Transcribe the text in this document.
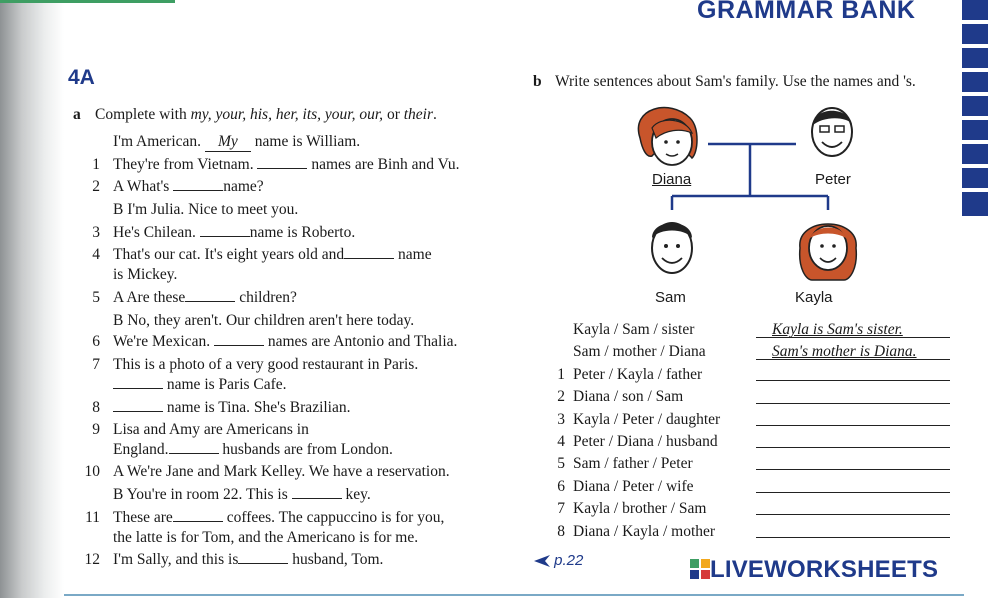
GRAMMAR BANK
4A
a Complete with my, your, his, her, its, your, our, or their.
I'm American. My name is William.
1 They're from Vietnam.	names are Binh and Vu.
2 A What's	name?
B I'm Julia. Nice to meet you.
3 He's Chilean.	name is Roberto.
4 That's our cat. It's eight years old and	name
is Mickey.
5 A Are these	children?
B No, they aren't. Our children aren't here today.
6 We're Mexican.	names are Antonio and Thalia.
7 This is a photo of a very good restaurant in Paris.
name is Paris Cafe.
8	name is Tina. She's Brazilian.
9 Lisa and Amy are Americans in
England.	husbands are from London.
10 A We're Jane and Mark Kelley. We have a reservation.
B You're in room 22. This is	key.
11 These are	coffees. The cappuccino is for you,
the latte is for Tom, and the Americano is for me.
12 I'm Sally, and this is	husband, Tom.
b Write sentences about Sam's family. Use the names and 's.
Diana	Peter
Sam	Kayla
Kayla / Sam / sister	Kayla is Sam's sister.
Sam / mother / Diana	Sam's mother is Diana.
1 Peter / Kayla / father
2 Diana / son / Sam
3 Kayla / Peter / daughter
4 Peter / Diana / husband
5 Sam / father / Peter
6 Diana / Peter / wife
7 Kayla / brother / Sam
8 Diana / Kayla / mother
p.22	LIVEWORKSHEETS
